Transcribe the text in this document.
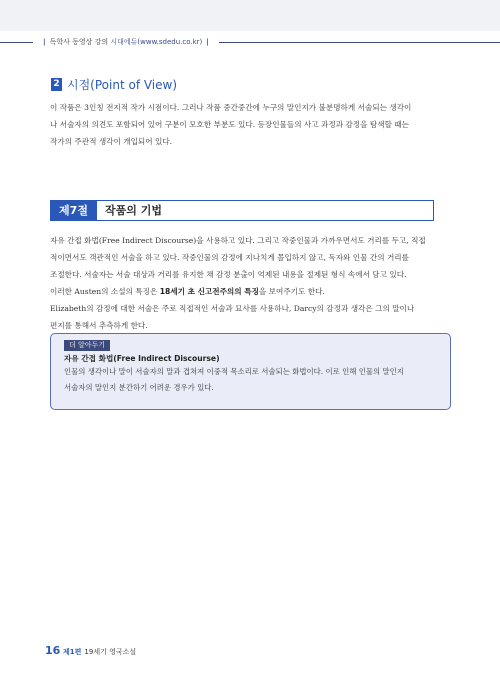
| 독학사 동영상 강의 시대에듀(www.sdedu.co.kr) |
2 시점(Point of View)

이 작품은 3인칭 전지적 작가 시점이다. 그러나 작품 중간중간에 누구의 말인지가 불분명하게 서술되는 생각이

나 서술자의 의견도 포함되어 있어 구분이 모호한 부분도 있다. 등장인물들의 사고 과정과 감정을 탐색할 때는

작가의 주관적 생각이 개입되어 있다.

제7절	작품의 기법

자유 간접 화법(Free Indirect Discourse)을 사용하고 있다. 그리고 작중인물과 가까우면서도 거리를 두고, 직접

적이면서도 객관적인 서술을 하고 있다. 작중인물의 감정에 지나치게 몰입하지 않고, 독자와 인물 간의 거리를

조절한다. 서술자는 서술 대상과 거리를 유지한 채 감정 분출이 억제된 내용을 절제된 형식 속에서 담고 있다.

이러한 Austen의 소설의 특징은 18세기 초 신고전주의의 특징을 보여주기도 한다.

Elizabeth의 감정에 대한 서술은 주로 직접적인 서술과 묘사를 사용하나, Darcy의 감정과 생각은 그의 말이나

편지를 통해서 추측하게 한다.

더 알아두기
자유 간접 화법(Free Indirect Discourse)

인물의 생각이나 말이 서술자의 말과 겹쳐져 이중적 목소리로 서술되는 화법이다. 이로 인해 인물의 말인지

서술자의 말인지 분간하기 어려운 경우가 있다.

16 제1편 19세기 영국소설
